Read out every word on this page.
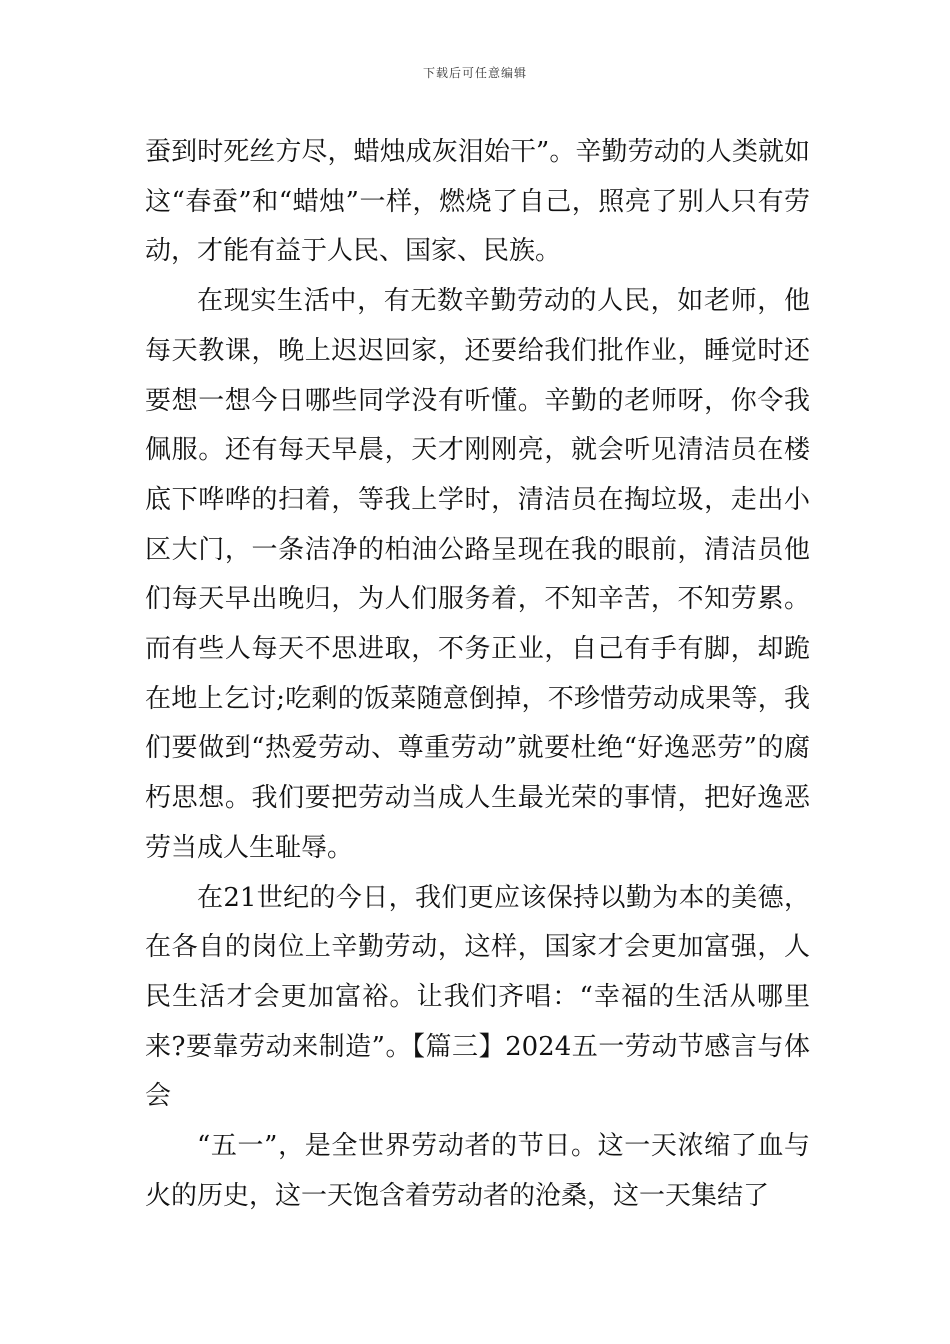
下载后可任意编辑

蚕到时死丝方尽，蜡烛成灰泪始干”。辛勤劳动的人类就如这“春蚕”和“蜡烛”一样，燃烧了自己，照亮了别人只有劳动，才能有益于人民、国家、民族。

在现实生活中，有无数辛勤劳动的人民，如老师，他每天教课，晚上迟迟回家，还要给我们批作业，睡觉时还要想一想今日哪些同学没有听懂。辛勤的老师呀，你令我佩服。还有每天早晨，天才刚刚亮，就会听见清洁员在楼底下哗哗的扫着，等我上学时，清洁员在掏垃圾，走出小区大门，一条洁净的柏油公路呈现在我的眼前，清洁员他们每天早出晚归，为人们服务着，不知辛苦，不知劳累。而有些人每天不思进取，不务正业，自己有手有脚，却跪在地上乞讨;吃剩的饭菜随意倒掉，不珍惜劳动成果等，我们要做到“热爱劳动、尊重劳动”就要杜绝“好逸恶劳”的腐朽思想。我们要把劳动当成人生最光荣的事情，把好逸恶劳当成人生耻辱。

在21世纪的今日，我们更应该保持以勤为本的美德，在各自的岗位上辛勤劳动，这样，国家才会更加富强，人民生活才会更加富裕。让我们齐唱：“幸福的生活从哪里来?要靠劳动来制造”。【篇三】2024五一劳动节感言与体会

“五一”，是全世界劳动者的节日。这一天浓缩了血与火的历史，这一天饱含着劳动者的沧桑，这一天集结了
